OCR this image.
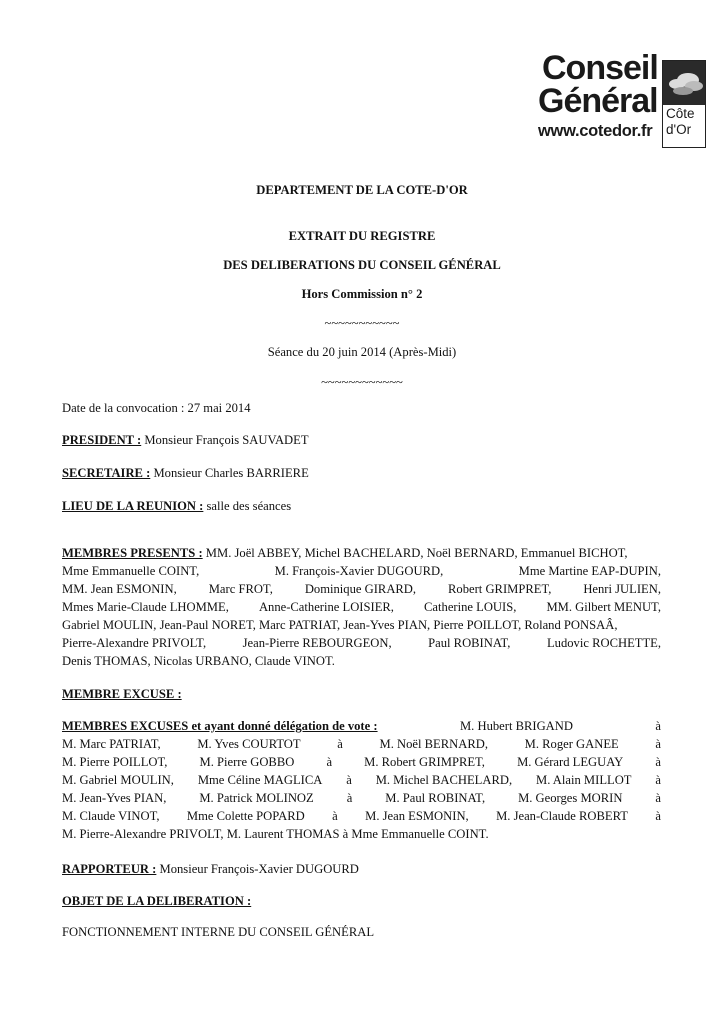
Conseil
Général
www.cotedor.fr
Côte
d'Or
DEPARTEMENT DE LA COTE-D'OR
EXTRAIT DU REGISTRE
DES DELIBERATIONS DU CONSEIL GÉNÉRAL
Hors Commission n° 2
~~~~~~~~~~~
Séance du 20 juin 2014 (Après-Midi)
~~~~~~~~~~~~
Date de la convocation : 27 mai 2014
PRESIDENT : Monsieur François SAUVADET
SECRETAIRE : Monsieur Charles BARRIERE
LIEU DE LA REUNION : salle des séances
MEMBRES PRESENTS : MM. Joël ABBEY, Michel BACHELARD, Noël BERNARD, Emmanuel BICHOT,
Mme Emmanuelle COINT,	M. François-Xavier DUGOURD,	Mme Martine EAP-DUPIN,
MM. Jean ESMONIN,	Marc FROT,	Dominique GIRARD,	Robert GRIMPRET,	Henri JULIEN,
Mmes Marie-Claude LHOMME, Anne-Catherine LOISIER, Catherine LOUIS, MM. Gilbert MENUT,
Gabriel MOULIN, Jean-Paul NORET, Marc PATRIAT, Jean-Yves PIAN, Pierre POILLOT, Roland PONSAÂ,
Pierre-Alexandre PRIVOLT,	Jean-Pierre REBOURGEON,	Paul ROBINAT,	Ludovic ROCHETTE,
Denis THOMAS, Nicolas URBANO, Claude VINOT.
MEMBRE EXCUSE :
MEMBRES EXCUSES et ayant donné délégation de vote :	M. Hubert BRIGAND	à
M. Marc PATRIAT,	M. Yves COURTOT	à	M. Noël BERNARD,	M. Roger GANEE	à
M. Pierre POILLOT,	M. Pierre GOBBO	à	M. Robert GRIMPRET,	M. Gérard LEGUAY	à
M. Gabriel MOULIN, Mme Céline MAGLICA à M. Michel BACHELARD, M. Alain MILLOT à
M. Jean-Yves PIAN,	M. Patrick MOLINOZ	à	M. Paul ROBINAT,	M. Georges MORIN	à
M. Claude VINOT, Mme Colette POPARD à M. Jean ESMONIN, M. Jean-Claude ROBERT à
M. Pierre-Alexandre PRIVOLT, M. Laurent THOMAS à Mme Emmanuelle COINT.
RAPPORTEUR : Monsieur François-Xavier DUGOURD
OBJET DE LA DELIBERATION :
FONCTIONNEMENT INTERNE DU CONSEIL GÉNÉRAL
